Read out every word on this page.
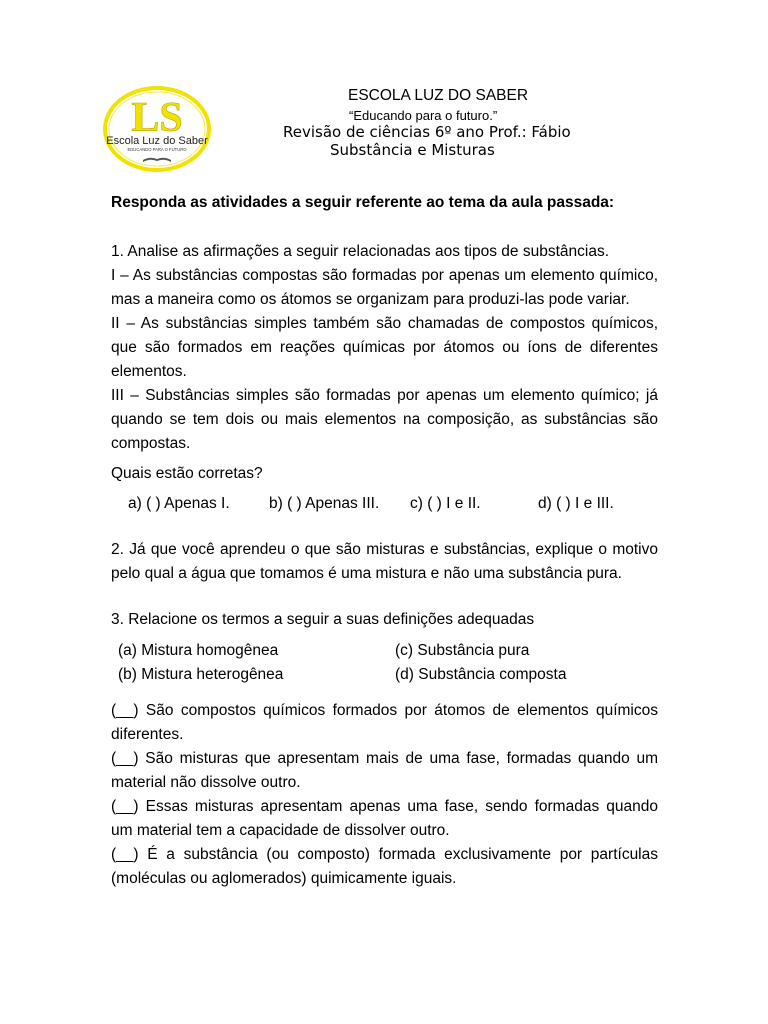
LS
Escola Luz do Saber
EDUCANDO PARA O FUTURO
ESCOLA LUZ DO SABER
“Educando para o futuro.”
Revisão de ciências 6º ano Prof.: Fábio
Substância e Misturas

Responda as atividades a seguir referente ao tema da aula passada:

1. Analise as afirmações a seguir relacionadas aos tipos de substâncias.

I – As substâncias compostas são formadas por apenas um elemento químico, mas a maneira como os átomos se organizam para produzi-las pode variar.

II – As substâncias simples também são chamadas de compostos químicos, que são formados em reações químicas por átomos ou íons de diferentes elementos.

III – Substâncias simples são formadas por apenas um elemento químico; já quando se tem dois ou mais elementos na composição, as substâncias são compostas.

Quais estão corretas?

a) ( ) Apenas I.	b) ( ) Apenas III.	c) ( ) I e II.	d) ( ) I e III.

2. Já que você aprendeu o que são misturas e substâncias, explique o motivo pelo qual a água que tomamos é uma mistura e não uma substância pura.

3. Relacione os termos a seguir a suas definições adequadas

(a) Mistura homogênea	(c) Substância pura
(b) Mistura heterogênea	(d) Substância composta

(__) São compostos químicos formados por átomos de elementos químicos diferentes.

(__) São misturas que apresentam mais de uma fase, formadas quando um material não dissolve outro.

(__) Essas misturas apresentam apenas uma fase, sendo formadas quando um material tem a capacidade de dissolver outro.

(__) É a substância (ou composto) formada exclusivamente por partículas (moléculas ou aglomerados) quimicamente iguais.
